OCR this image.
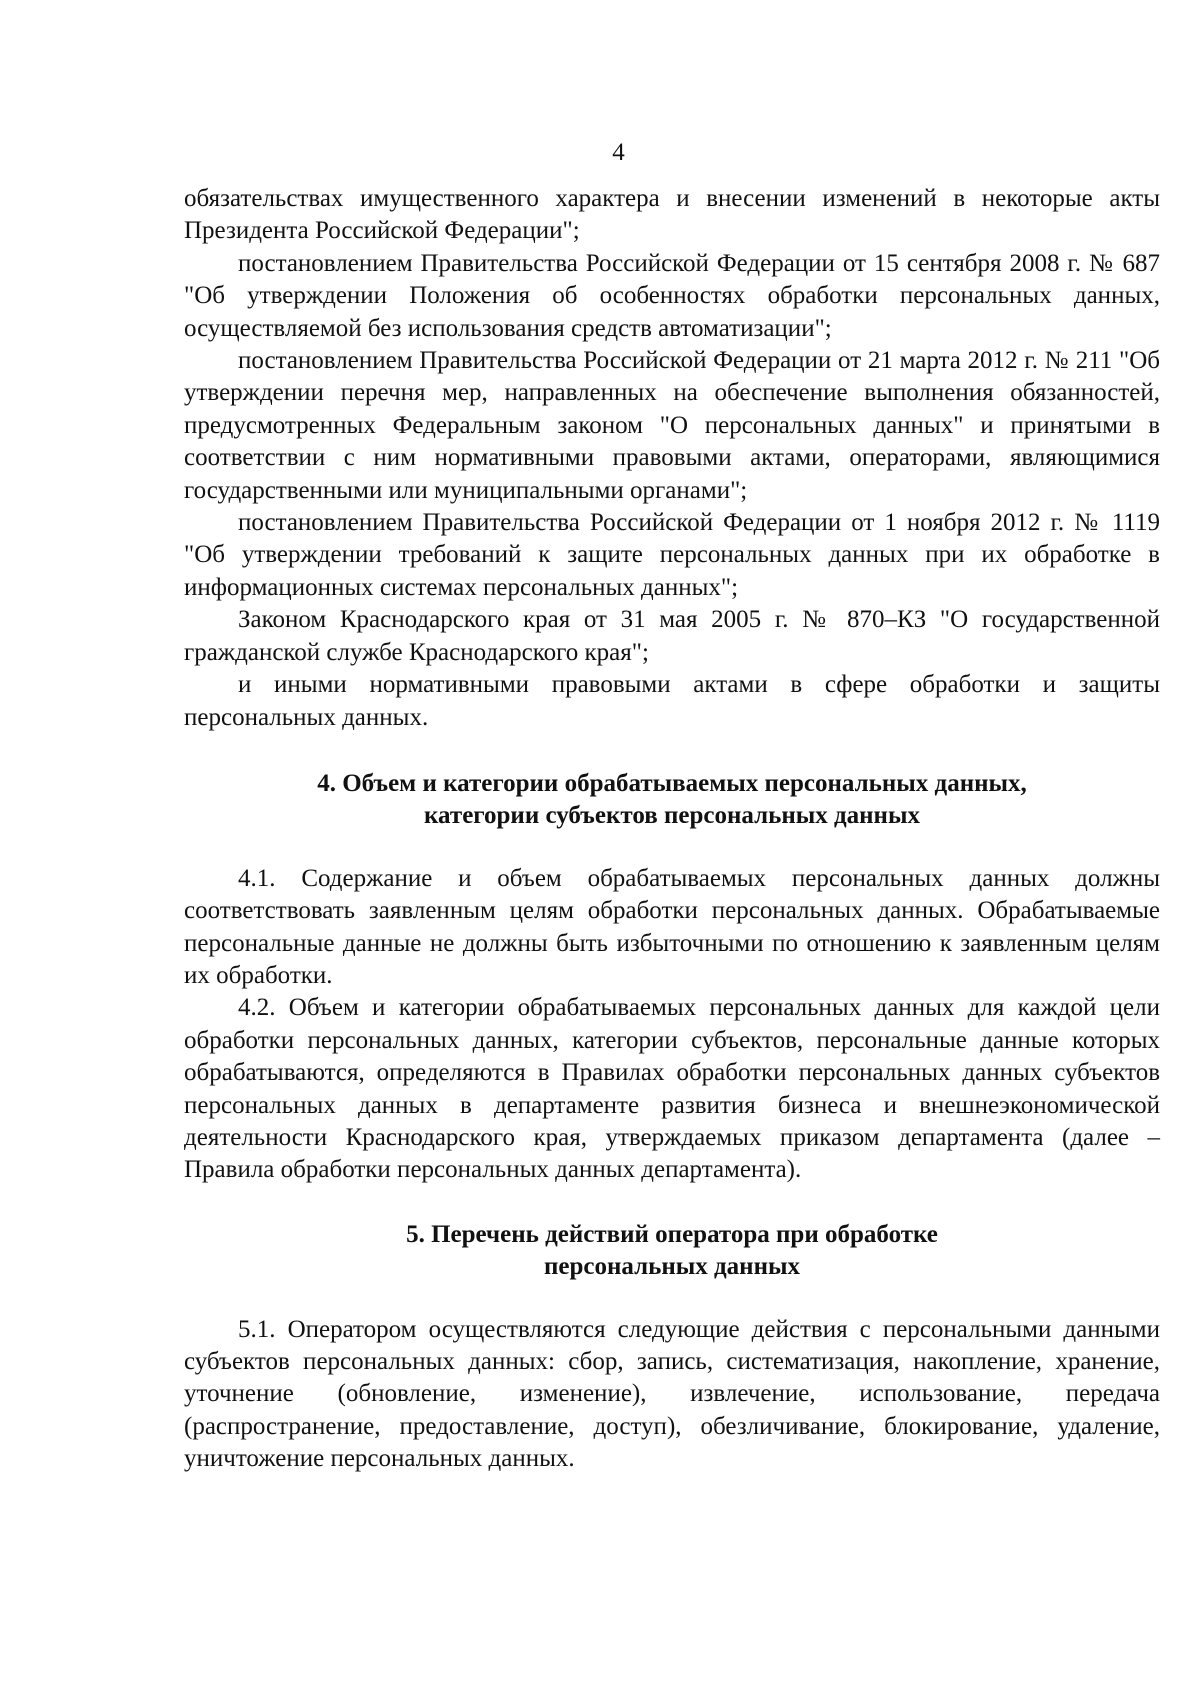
4

обязательствах имущественного характера и внесении изменений в некоторые акты Президента Российской Федерации";

постановлением Правительства Российской Федерации от 15 сентября 2008 г. № 687 "Об утверждении Положения об особенностях обработки персональных данных, осуществляемой без использования средств автоматизации";

постановлением Правительства Российской Федерации от 21 марта 2012 г. № 211 "Об утверждении перечня мер, направленных на обеспечение выполнения обязанностей, предусмотренных Федеральным законом "О персональных данных" и принятыми в соответствии с ним нормативными правовыми актами, операторами, являющимися государственными или муниципальными органами";

постановлением Правительства Российской Федерации от 1 ноября 2012 г. № 1119 "Об утверждении требований к защите персональных данных при их обработке в информационных системах персональных данных";

Законом Краснодарского края от 31 мая 2005 г. № 870–КЗ "О государственной гражданской службе Краснодарского края";

и иными нормативными правовыми актами в сфере обработки и защиты персональных данных.

4. Объем и категории обрабатываемых персональных данных,

категории субъектов персональных данных

4.1. Содержание и объем обрабатываемых персональных данных должны соответствовать заявленным целям обработки персональных данных. Обрабатываемые персональные данные не должны быть избыточными по отношению к заявленным целям их обработки.

4.2. Объем и категории обрабатываемых персональных данных для каждой цели обработки персональных данных, категории субъектов, персональные данные которых обрабатываются, определяются в Правилах обработки персональных данных субъектов персональных данных в департаменте развития бизнеса и внешнеэкономической деятельности Краснодарского края, утверждаемых приказом департамента (далее – Правила обработки персональных данных департамента).

5. Перечень действий оператора при обработке

персональных данных

5.1. Оператором осуществляются следующие действия с персональными данными субъектов персональных данных: сбор, запись, систематизация, накопление, хранение, уточнение (обновление, изменение), извлечение, использование, передача (распространение, предоставление, доступ), обезличивание, блокирование, удаление, уничтожение персональных данных.
